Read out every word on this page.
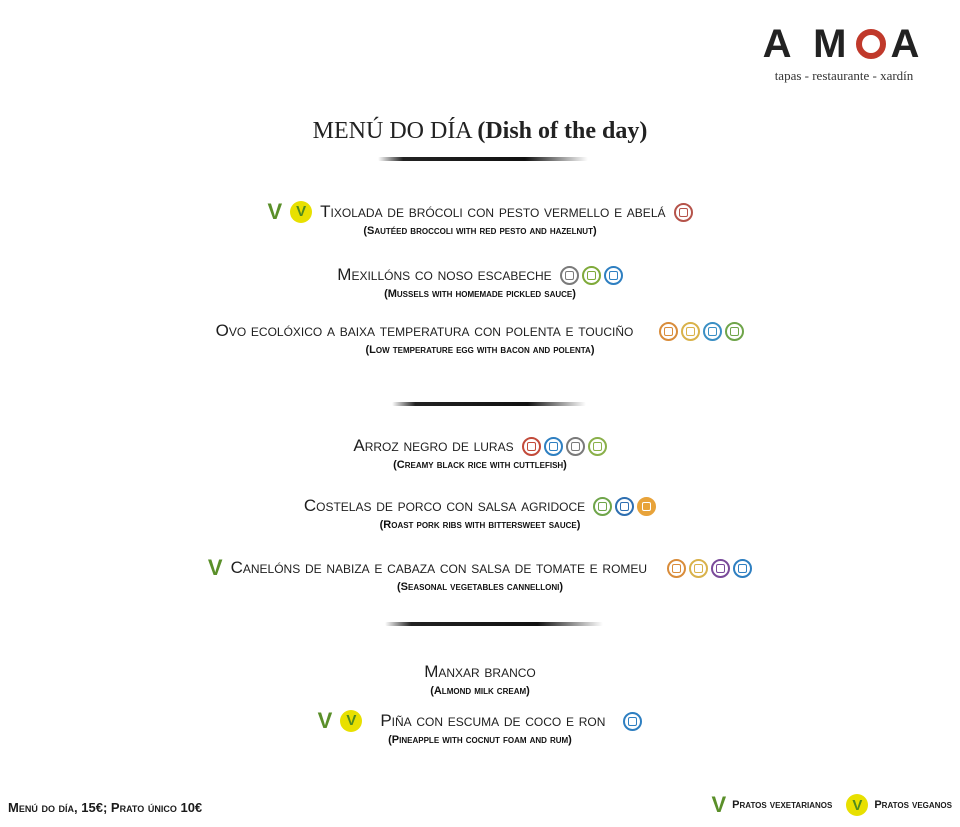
A M A
tapas - restaurante - xardín
MENÚ DO DÍA (Dish of the day)
V V Tixolada de brócoli con pesto vermello e abelá
(Sautéed broccoli with red pesto and hazelnut)
Mexillóns co noso escabeche
(Mussels with homemade pickled sauce)
Ovo ecolóxico a baixa temperatura con polenta e touciño
(Low temperature egg with bacon and polenta)
Arroz negro de luras
(Creamy black rice with cuttlefish)
Costelas de porco con salsa agridoce
(Roast pork ribs with bittersweet sauce)
V Canelóns de nabiza e cabaza con salsa de tomate e romeu
(Seasonal vegetables cannelloni)
Manxar branco
(Almond milk cream)
V V	Piña con escuma de coco e ron
(Pineapple with cocnut foam and rum)
Menú do día, 15€; Prato único 10€	V Pratos vexetarianos	V	Pratos veganos
